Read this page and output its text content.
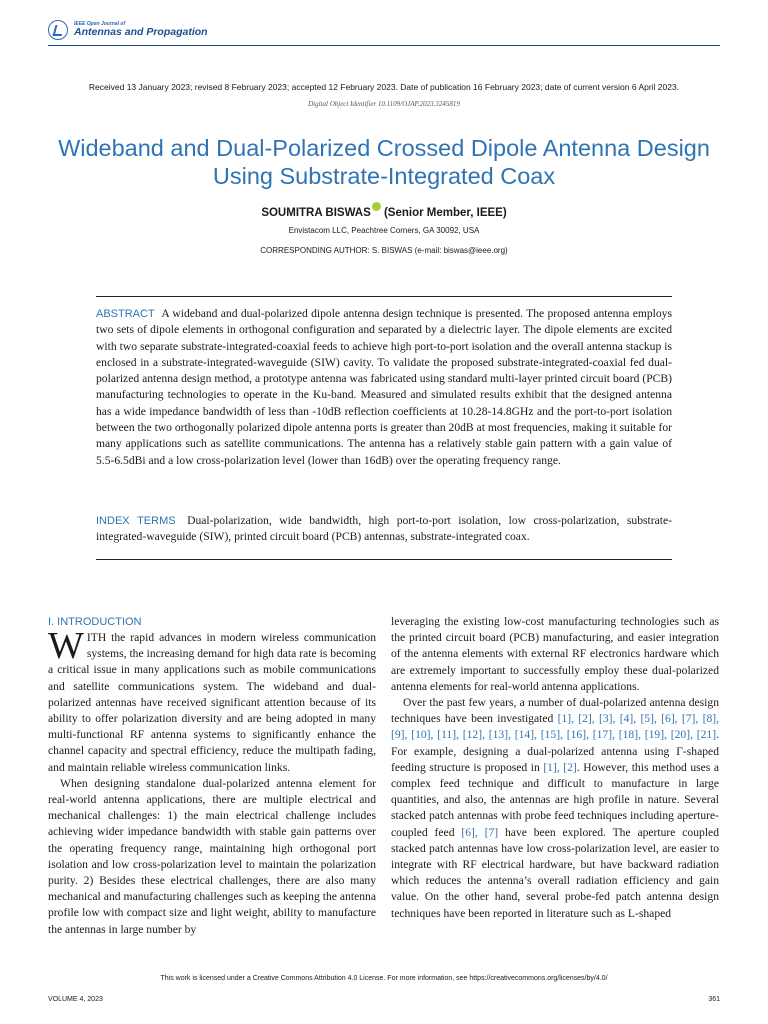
IEEE Open Journal of
Antennas and Propagation
Received 13 January 2023; revised 8 February 2023; accepted 12 February 2023. Date of publication 16 February 2023; date of current version 6 April 2023.
Digital Object Identifier 10.1109/OJAP.2023.3245819
Wideband and Dual-Polarized Crossed Dipole Antenna Design Using Substrate-Integrated Coax
SOUMITRA BISWAS (Senior Member, IEEE)
Envistacom LLC, Peachtree Corners, GA 30092, USA
CORRESPONDING AUTHOR: S. BISWAS (e-mail: biswas@ieee.org)

ABSTRACT A wideband and dual-polarized dipole antenna design technique is presented. The proposed antenna employs two sets of dipole elements in orthogonal configuration and separated by a dielectric layer. The dipole elements are excited with two separate substrate-integrated-coaxial feeds to achieve high port-to-port isolation and the overall antenna stackup is enclosed in a substrate-integrated-waveguide (SIW) cavity. To validate the proposed substrate-integrated-coaxial fed dual-polarized antenna design method, a prototype antenna was fabricated using standard multi-layer printed circuit board (PCB) manufacturing technologies to operate in the Ku-band. Measured and simulated results exhibit that the designed antenna has a wide impedance bandwidth of less than -10dB reflection coefficients at 10.28-14.8GHz and the port-to-port isolation between the two orthogonally polarized dipole antenna ports is greater than 20dB at most frequencies, making it suitable for many applications such as satellite communications. The antenna has a relatively stable gain pattern with a gain value of 5.5-6.5dBi and a low cross-polarization level (lower than 16dB) over the operating frequency range.

INDEX TERMS Dual-polarization, wide bandwidth, high port-to-port isolation, low cross-polarization, substrate-integrated-waveguide (SIW), printed circuit board (PCB) antennas, substrate-integrated coax.

I. INTRODUCTION

WITH the rapid advances in modern wireless communication systems, the increasing demand for high data rate is becoming a critical issue in many applications such as mobile communications and satellite communications system. The wideband and dual-polarized antennas have received significant attention because of its ability to offer polarization diversity and are being adopted in many multi-functional RF antenna systems to significantly enhance the channel capacity and spectral efficiency, reduce the multipath fading, and maintain reliable wireless communication links.

When designing standalone dual-polarized antenna element for real-world antenna applications, there are multiple electrical and mechanical challenges: 1) the main electrical challenge includes achieving wider impedance bandwidth with stable gain patterns over the operating frequency range, maintaining high orthogonal port isolation and low cross-polarization level to maintain the polarization purity. 2) Besides these electrical challenges, there are also many mechanical and manufacturing challenges such as keeping the antenna profile low with compact size and light weight, ability to manufacture the antennas in large number by

leveraging the existing low-cost manufacturing technologies such as the printed circuit board (PCB) manufacturing, and easier integration of the antenna elements with external RF electronics hardware which are extremely important to successfully employ these dual-polarized antenna elements for real-world antenna applications.

Over the past few years, a number of dual-polarized antenna design techniques have been investigated [1], [2], [3], [4], [5], [6], [7], [8], [9], [10], [11], [12], [13], [14], [15], [16], [17], [18], [19], [20], [21]. For example, designing a dual-polarized antenna using Γ-shaped feeding structure is proposed in [1], [2]. However, this method uses a complex feed technique and difficult to manufacture in large quantities, and also, the antennas are high profile in nature. Several stacked patch antennas with probe feed techniques including aperture-coupled feed [6], [7] have been explored. The aperture coupled stacked patch antennas have low cross-polarization level, are easier to integrate with RF electrical hardware, but have backward radiation which reduces the antenna’s overall radiation efficiency and gain value. On the other hand, several probe-fed patch antenna design techniques have been reported in literature such as L-shaped

This work is licensed under a Creative Commons Attribution 4.0 License. For more information, see https://creativecommons.org/licenses/by/4.0/
VOLUME 4, 2023	361
